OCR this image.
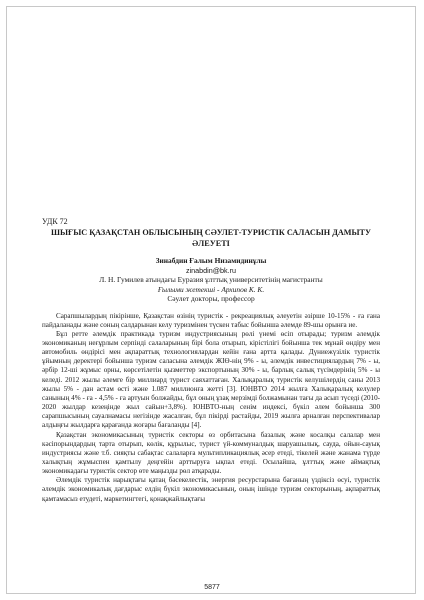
УДК 72

ШЫҒЫС ҚАЗАҚСТАН ОБЛЫСЫНЫҢ СӘУЛЕТ-ТУРИСТІК САЛАСЫН ДАМЫТУ ӘЛЕУЕТІ

Зинабдин Ғалым Низамидинұлы
zinabdin@bk.ru
Л. Н. Гумилев атындағы Еуразия ұлттық университетінің магистранты
Ғылыми жетекші - Архипов К. К.
Сәулет докторы, профессор

Сарапшылардың пікірінше, Қазақстан өзінің туристік - рекреациялық әлеуетін әзірше 10-15% - ға ғана пайдаланады және соның салдарынан келу туризмінен түскен табыс бойынша әлемде 89-шы орынға ие.

Бұл ретте әлемдік практикада туризм индустриясының рөлі үнемі өсіп отырады; туризм әлемдік экономиканың неғұрлым серпінді салаларының бірі бола отырып, кірістілігі бойынша тек мұнай өндіру мен автомобиль өндірісі мен ақпараттық технологиялардан кейін ғана артта қалады. Дүниежүзілік туристік ұйымның деректері бойынша туризм саласына әлемдік ЖІӨ-нің 9% - ы, әлемдік инвестициялардың 7% - ы, әрбір 12-ші жұмыс орны, көрсетілетін қызметтер экспортының 30% - ы, барлық салық түсімдерінің 5% - ы келеді. 2012 жылы әлемге бір миллиард турист саяхаттаған. Халықаралық туристік келушілердің саны 2013 жылы 5% - дан астам өсті және 1.087 миллионға жетті [3]. ЮНВТО 2014 жылға Халықаралық келулер санының 4% - ға - 4,5% - ға артуын болжайды, бұл оның ұзақ мерзімді болжамынан тағы да асып түседі (2010-2020 жылдар кезеңінде жыл сайын+3,8%). ЮНВТО-ның сенім индексі, бүкіл әлем бойынша 300 сарапшысының сауалнамасы негізінде жасалған, бұл пікірді растайды, 2019 жылға арналған перспективалар алдыңғы жылдарға қарағанда жоғары бағаланды [4].

Қазақстан экономикасының туристік секторы өз орбитасына базалық және косалқы салалар мен кәсіпорындардың тарта отырып, көлік, құрылыс, турист үй-коммуналдық шаруашылық, сауда, ойын-сауық индустриясы және т.б. сияқты сабақтас салаларға мультипликациялық әсер етеді, тікелей және жанама түрде халықтың жұмыспен қамтылу деңгейін арттыруға ықпал етеді. Осылайша, ұлттық және аймақтық экономикадағы туристік сектор өте маңызды рөл атқарады.

Әлемдік туристік нарықтағы қатаң бәсекелестік, энергия ресурстарына бағаның үздіксіз өсуі, туристік әлемдік экономикалық дағдарыс елдің бүкіл экономикасының, оның ішінде туризм секторының, ақпараттық қамтамасыз етудеті, маркетингтегі, қонақжайлықтағы

5877
